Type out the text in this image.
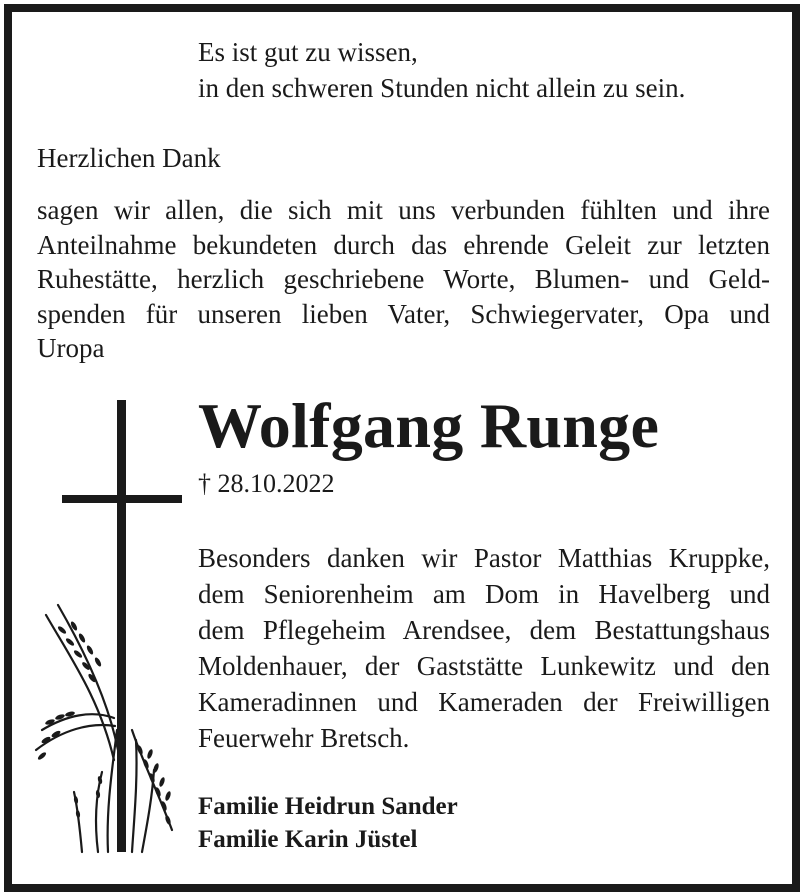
Es ist gut zu wissen,
in den schweren Stunden nicht allein zu sein.
Herzlichen Dank
sagen wir allen, die sich mit uns verbunden fühlten und ihre
Anteilnahme bekundeten durch das ehrende Geleit zur letzten
Ruhestätte, herzlich geschriebene Worte, Blumen- und Geld-
spenden für unseren lieben Vater, Schwiegervater, Opa und
Uropa
Wolfgang Runge
† 28.10.2022
Besonders danken wir Pastor Matthias Kruppke,
dem Seniorenheim am Dom in Havelberg und
dem Pflegeheim Arendsee, dem Bestattungshaus
Moldenhauer, der Gaststätte Lunkewitz und den
Kameradinnen und Kameraden der Freiwilligen
Feuerwehr Bretsch.
Familie Heidrun Sander
Familie Karin Jüstel
